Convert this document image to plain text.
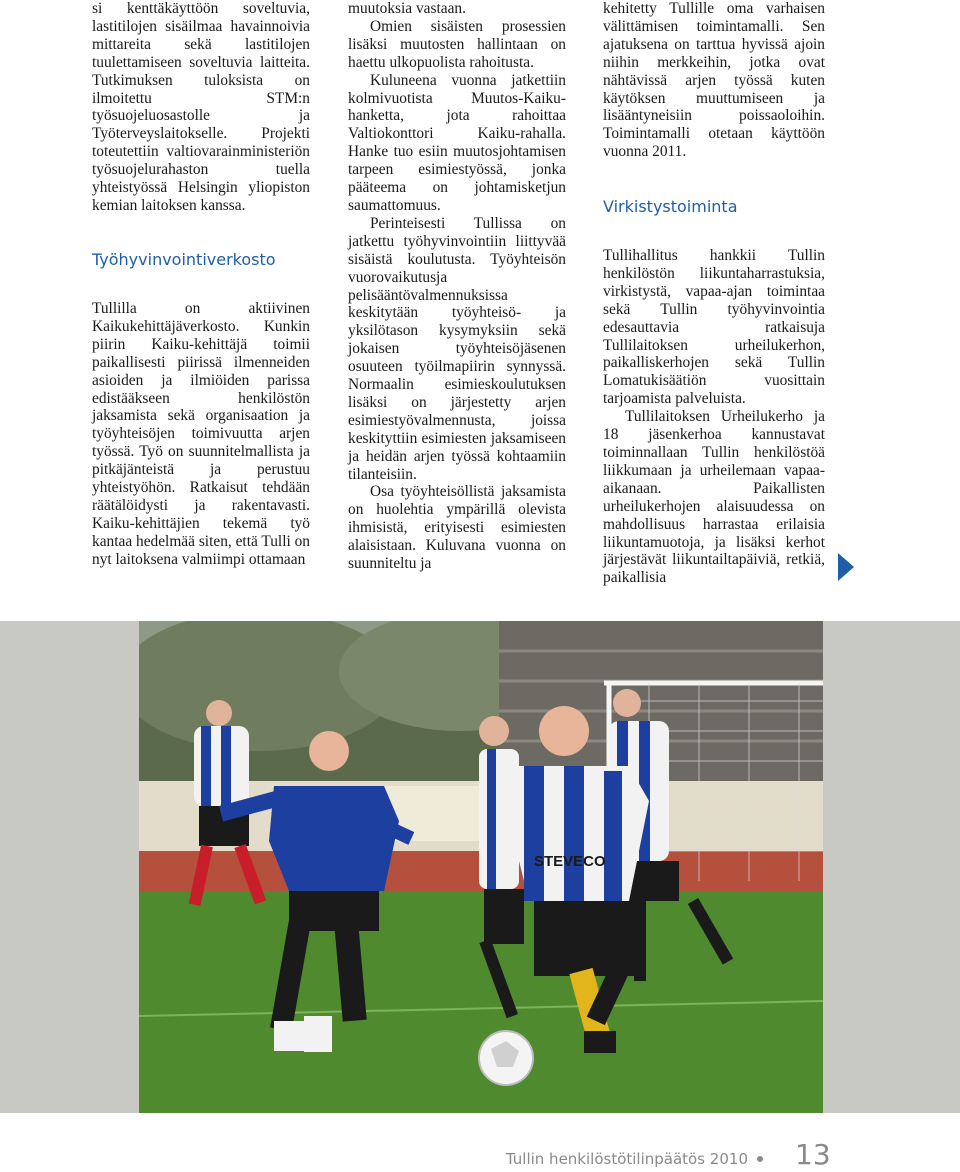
si kenttäkäyttöön soveltuvia, lastitilojen sisäilmaa havainnoivia mittareita sekä lastitilojen tuulettamiseen soveltuvia laitteita. Tutkimuksen tuloksista on ilmoitettu STM:n työsuojeluosastolle ja Työterveyslaitokselle. Projekti toteutettiin valtiovarainministeriön työsuojelurahaston tuella yhteistyössä Helsingin yliopiston kemian laitoksen kanssa.

Tullilla on aktiivinen Kaikukehittäjäverkosto. Kunkin piirin Kaiku-kehittäjä toimii paikallisesti piirissä ilmenneiden asioiden ja ilmiöiden parissa edistääkseen henkilöstön jaksamista sekä organisaation ja työyhteisöjen toimivuutta arjen työssä. Työ on suunnitelmallista ja pitkäjänteistä ja perustuu yhteistyöhön. Ratkaisut tehdään räätälöidysti ja rakentavasti. Kaiku-kehittäjien tekemä työ kantaa hedelmää siten, että Tulli on nyt laitoksena valmiimpi ottamaan

Työhyvinvointiverkosto

muutoksia vastaan.

Omien sisäisten prosessien lisäksi muutosten hallintaan on haettu ulkopuolista rahoitusta.

Kuluneena vuonna jatkettiin kolmivuotista Muutos-Kaiku-hanketta, jota rahoittaa Valtiokonttori Kaiku-rahalla. Hanke tuo esiin muutosjohtamisen tarpeen esimiestyössä, jonka pääteema on johtamisketjun saumattomuus.

Perinteisesti Tullissa on jatkettu työhyvinvointiin liittyvää sisäistä koulutusta. Työyhteisön vuorovaikutusja pelisääntövalmennuksissa keskitytään työyhteisö- ja yksilötason kysymyksiin sekä jokaisen työyhteisöjäsenen osuuteen työilmapiirin synnyssä. Normaalin esimieskoulutuksen lisäksi on järjestetty arjen esimiestyövalmennusta, joissa keskityttiin esimiesten jaksamiseen ja heidän arjen työssä kohtaamiin tilanteisiin.

Osa työyhteisöllistä jaksamista on huolehtia ympärillä olevista ihmisistä, erityisesti esimiesten alaisistaan. Kuluvana vuonna on suunniteltu ja

kehitetty Tullille oma varhaisen välittämisen toimintamalli. Sen ajatuksena on tarttua hyvissä ajoin niihin merkkeihin, jotka ovat nähtävissä arjen työssä kuten käytöksen muuttumiseen ja lisääntyneisiin poissaoloihin. Toimintamalli otetaan käyttöön vuonna 2011.

Virkistystoiminta

Tullihallitus hankkii Tullin henkilöstön liikuntaharrastuksia, virkistystä, vapaa-ajan toimintaa sekä Tullin työhyvinvointia edesauttavia ratkaisuja Tullilaitoksen urheilukerhon, paikalliskerhojen sekä Tullin Lomatukisäätiön vuosittain tarjoamista palveluista.

Tullilaitoksen Urheilukerho ja 18 jäsenkerhoa kannustavat toiminnallaan Tullin henkilöstöä liikkumaan ja urheilemaan vapaa-aikanaan. Paikallisten urheilukerhojen alaisuudessa on mahdollisuus harrastaa erilaisia liikuntamuotoja, ja lisäksi kerhot järjestävät liikuntailtapäiviä, retkiä, paikallisia

STEVECO
Tullin henkilöstötilinpäätös 2010 13
